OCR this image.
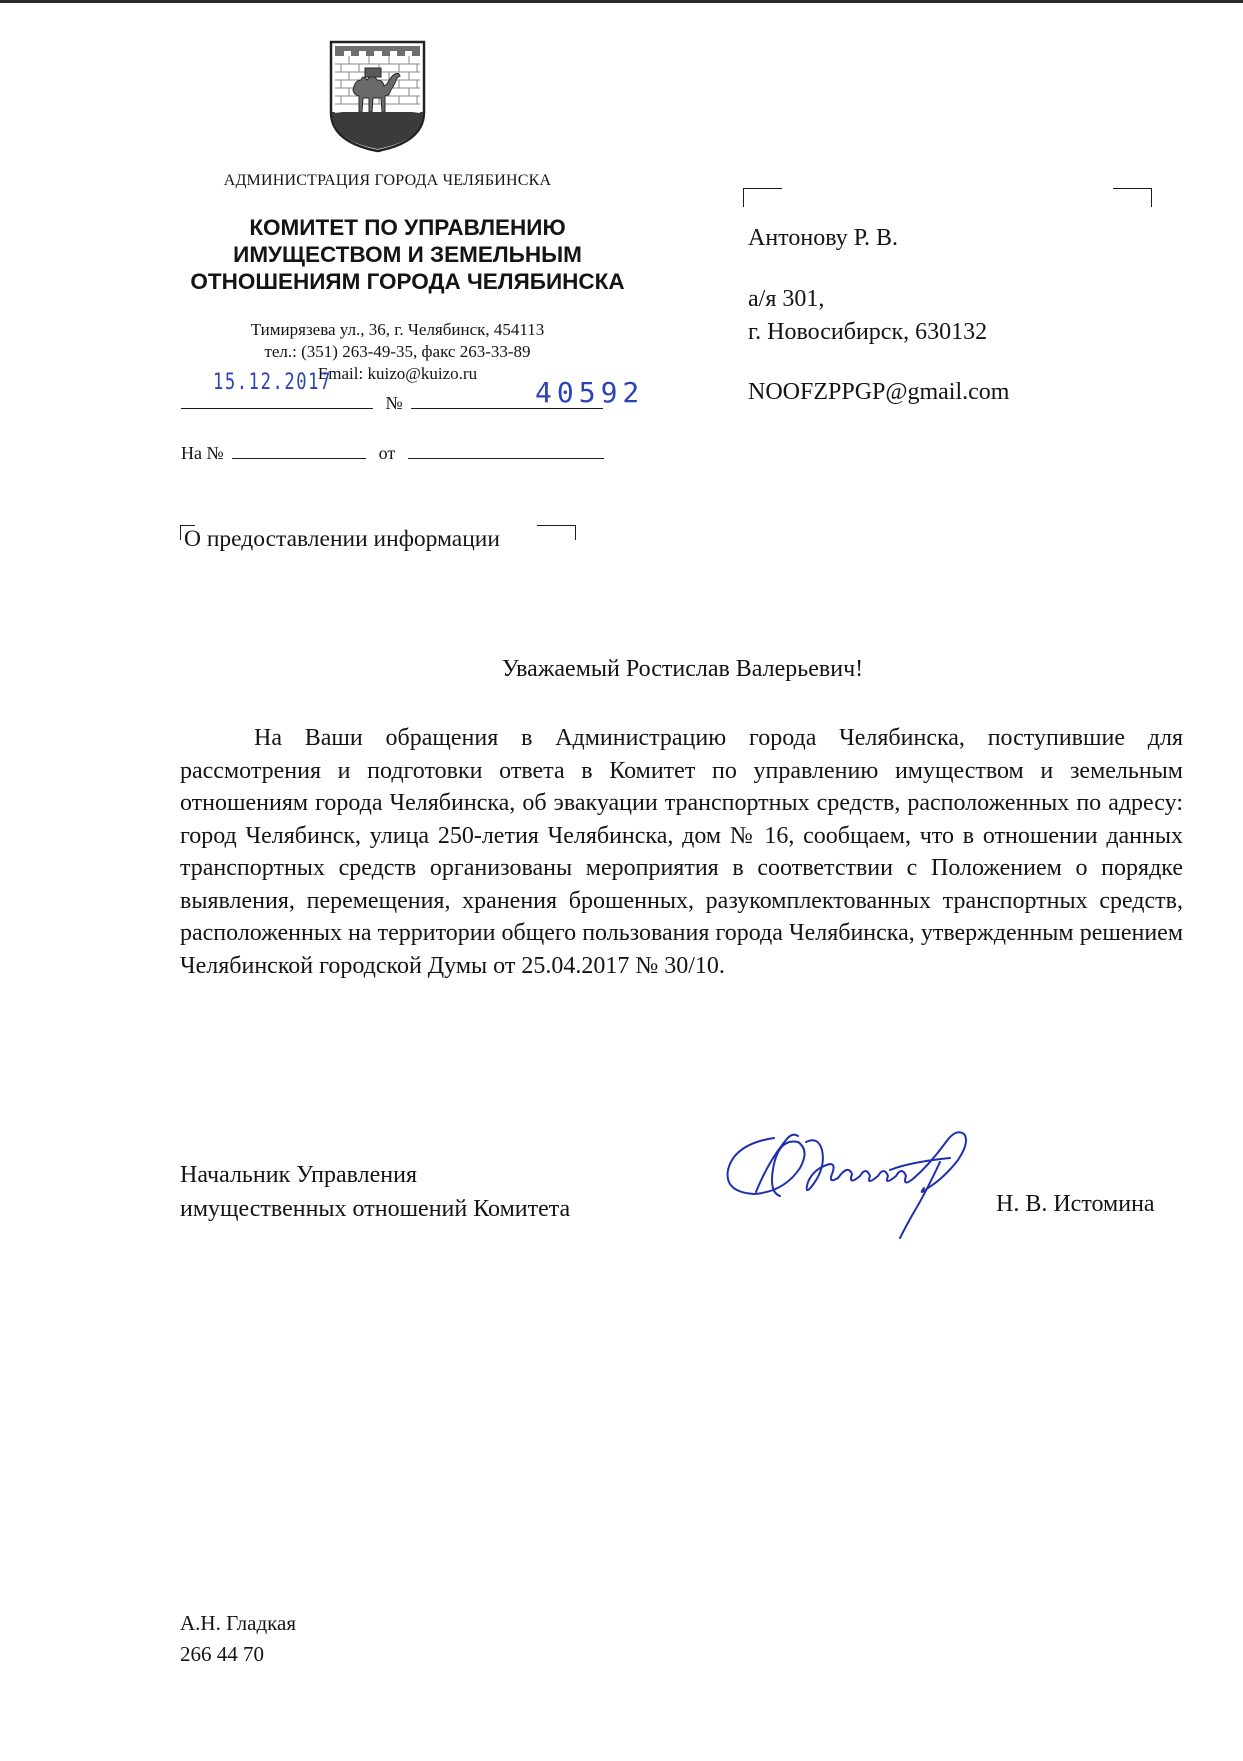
АДМИНИСТРАЦИЯ ГОРОДА ЧЕЛЯБИНСКА
КОМИТЕТ ПО УПРАВЛЕНИЮ
ИМУЩЕСТВОМ И ЗЕМЕЛЬНЫМ
ОТНОШЕНИЯМ ГОРОДА ЧЕЛЯБИНСКА
Тимирязева ул., 36, г. Челябинск, 454113
тел.: (351) 263-49-35, факс 263-33-89
Email: kuizo@kuizo.ru
№
15.12.2017	40592
На №	от
Антонову Р. В.
а/я 301,
г. Новосибирск, 630132
NOOFZPPGP@gmail.com
О предоставлении информации
Уважаемый Ростислав Валерьевич!

На Ваши обращения в Администрацию города Челябинска, поступившие для рассмотрения и подготовки ответа в Комитет по управлению имуществом и земельным отношениям города Челябинска, об эвакуации транспортных средств, расположенных по адресу: город Челябинск, улица 250-летия Челябинска, дом № 16, сообщаем, что в отношении данных транспортных средств организованы мероприятия в соответствии с Положением о порядке выявления, перемещения, хранения брошенных, разукомплектованных транспортных средств, расположенных на территории общего пользования города Челябинска, утвержденным решением Челябинской городской Думы от 25.04.2017 № 30/10.

Начальник Управления
имущественных отношений Комитета	Н. В. Истомина
А.Н. Гладкая
266 44 70
